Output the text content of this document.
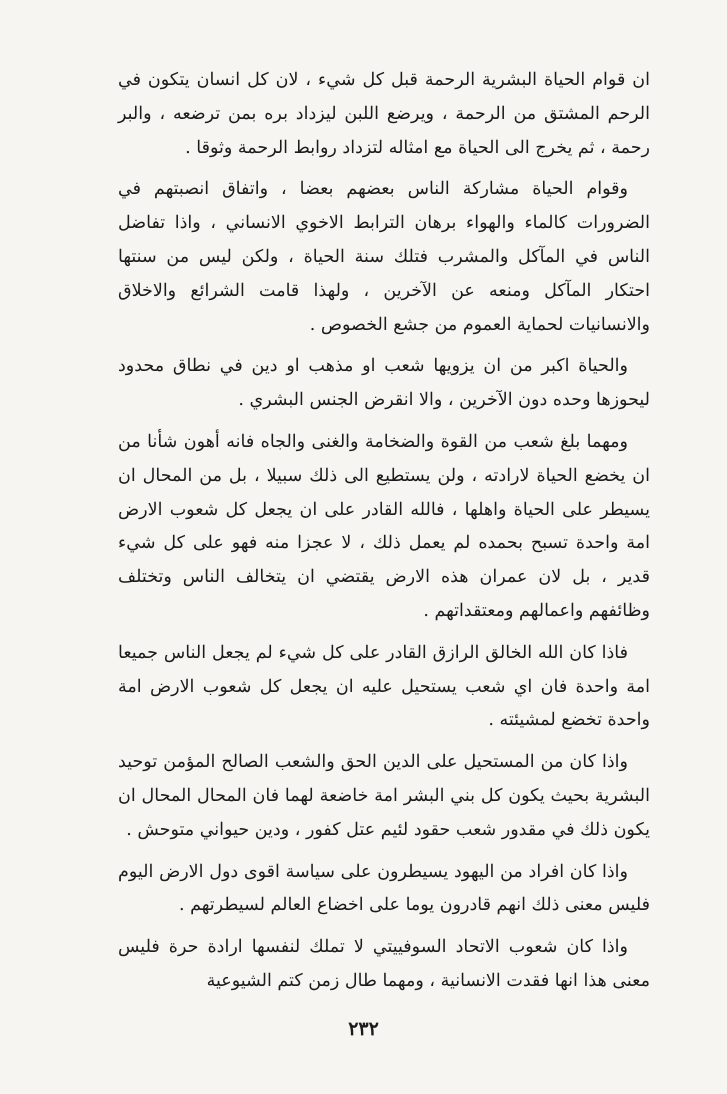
ان قوام الحياة البشرية الرحمة قبل كل شيء ، لان كل انسان يتكون في الرحم المشتق من الرحمة ، ويرضع اللبن ليزداد بره بمن ترضعه ، والبر رحمة ، ثم يخرج الى الحياة مع امثاله لتزداد روابط الرحمة وثوقا .

وقوام الحياة مشاركة الناس بعضهم بعضا ، واتفاق انصبتهم في الضرورات كالماء والهواء برهان الترابط الاخوي الانساني ، واذا تفاضل الناس في المآكل والمشرب فتلك سنة الحياة ، ولكن ليس من سنتها احتكار المآكل ومنعه عن الآخرين ، ولهذا قامت الشرائع والاخلاق والانسانيات لحماية العموم من جشع الخصوص .

والحياة اكبر من ان يزويها شعب او مذهب او دين في نطاق محدود ليحوزها وحده دون الآخرين ، والا انقرض الجنس البشري .

ومهما بلغ شعب من القوة والضخامة والغنى والجاه فانه أهون شأنا من ان يخضع الحياة لارادته ، ولن يستطيع الى ذلك سبيلا ، بل من المحال ان يسيطر على الحياة واهلها ، فالله القادر على ان يجعل كل شعوب الارض امة واحدة تسبح بحمده لم يعمل ذلك ، لا عجزا منه فهو على كل شيء قدير ، بل لان عمران هذه الارض يقتضي ان يتخالف الناس وتختلف وظائفهم واعمالهم ومعتقداتهم .

فاذا كان الله الخالق الرازق القادر على كل شيء لم يجعل الناس جميعا امة واحدة فان اي شعب يستحيل عليه ان يجعل كل شعوب الارض امة واحدة تخضع لمشيئته .

واذا كان من المستحيل على الدين الحق والشعب الصالح المؤمن توحيد البشرية بحيث يكون كل بني البشر امة خاضعة لهما فان المحال المحال ان يكون ذلك في مقدور شعب حقود لئيم عتل كفور ، ودين حيواني متوحش .

واذا كان افراد من اليهود يسيطرون على سياسة اقوى دول الارض اليوم فليس معنى ذلك انهم قادرون يوما على اخضاع العالم لسيطرتهم .

واذا كان شعوب الاتحاد السوفييتي لا تملك لنفسها ارادة حرة فليس معنى هذا انها فقدت الانسانية ، ومهما طال زمن كتم الشيوعية

٢٣٢
